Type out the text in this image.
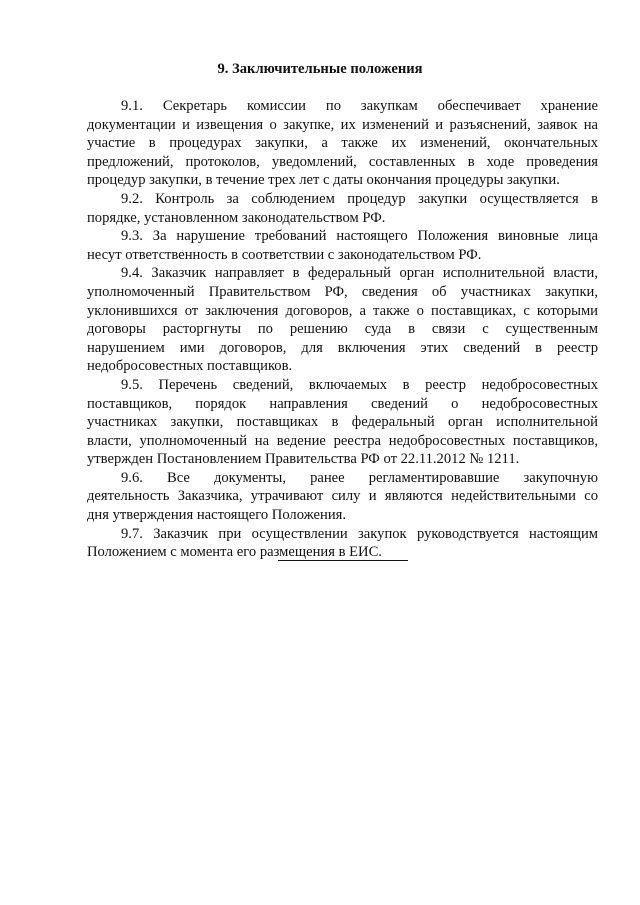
9. Заключительные положения
9.1. Секретарь комиссии по закупкам обеспечивает хранение
документации и извещения о закупке, их изменений и разъяснений, заявок на
участие в процедурах закупки, а также их изменений, окончательных
предложений, протоколов, уведомлений, составленных в ходе проведения
процедур закупки, в течение трех лет с даты окончания процедуры закупки.
9.2. Контроль за соблюдением процедур закупки осуществляется в
порядке, установленном законодательством РФ.
9.3. За нарушение требований настоящего Положения виновные лица
несут ответственность в соответствии с законодательством РФ.
9.4. Заказчик направляет в федеральный орган исполнительной власти,
уполномоченный Правительством РФ, сведения об участниках закупки,
уклонившихся от заключения договоров, а также о поставщиках, с которыми
договоры расторгнуты по решению суда в связи с существенным
нарушением ими договоров, для включения этих сведений в реестр
недобросовестных поставщиков.
9.5. Перечень сведений, включаемых в реестр недобросовестных
поставщиков, порядок направления сведений о недобросовестных
участниках закупки, поставщиках в федеральный орган исполнительной
власти, уполномоченный на ведение реестра недобросовестных поставщиков,
утвержден Постановлением Правительства РФ от 22.11.2012 № 1211.
9.6. Все документы, ранее регламентировавшие закупочную
деятельность Заказчика, утрачивают силу и являются недействительными со
дня утверждения настоящего Положения.
9.7. Заказчик при осуществлении закупок руководствуется настоящим
Положением с момента его размещения в ЕИС.
